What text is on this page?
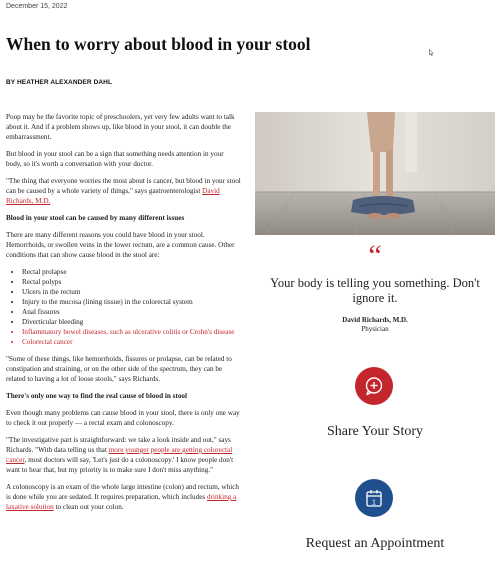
December 15, 2022
When to worry about blood in your stool
BY HEATHER ALEXANDER DAHL

Poop may be the favorite topic of preschoolers, yet very few adults want to talk about it. And if a problem shows up, like blood in your stool, it can double the embarrassment.

But blood in your stool can be a sign that something needs attention in your body, so it's worth a conversation with your doctor.

"The thing that everyone worries the most about is cancer, but blood in your stool can be caused by a whole variety of things," says gastroenterologist David Richards, M.D.

Blood in your stool can be caused by many different issues

There are many different reasons you could have blood in your stool. Hemorrhoids, or swollen veins in the lower rectum, are a common cause. Other conditions that can show cause blood in the stool are:

• Rectal prolapse
• Rectal polyps
• Ulcers in the rectum
• Injury to the mucosa (lining tissue) in the colorectal system
• Anal fissures
• Diverticular bleeding
• Inflammatory bowel diseases, such as ulcerative colitis or Crohn's disease
• Colorectal cancer

"Some of these things, like hemorrhoids, fissures or prolapse, can be related to constipation and straining, or on the other side of the spectrum, they can be related to having a lot of loose stools," says Richards.

There's only one way to find the real cause of blood in stool

Even though many problems can cause blood in your stool, there is only one way to check it out properly — a rectal exam and colonoscopy.

"The investigative part is straightforward: we take a look inside and out," says Richards. "With data telling us that more younger people are getting colorectal cancer, most doctors will say, 'Let's just do a colonoscopy.' I know people don't want to hear that, but my priority is to make sure I don't miss anything."

A colonoscopy is an exam of the whole large intestine (colon) and rectum, which is done while you are sedated. It requires preparation, which includes drinking a laxative solution to clean out your colon.

“
Your body is telling you something. Don't ignore it.
David Richards, M.D.
Physician
Share Your Story
1
Request an Appointment
